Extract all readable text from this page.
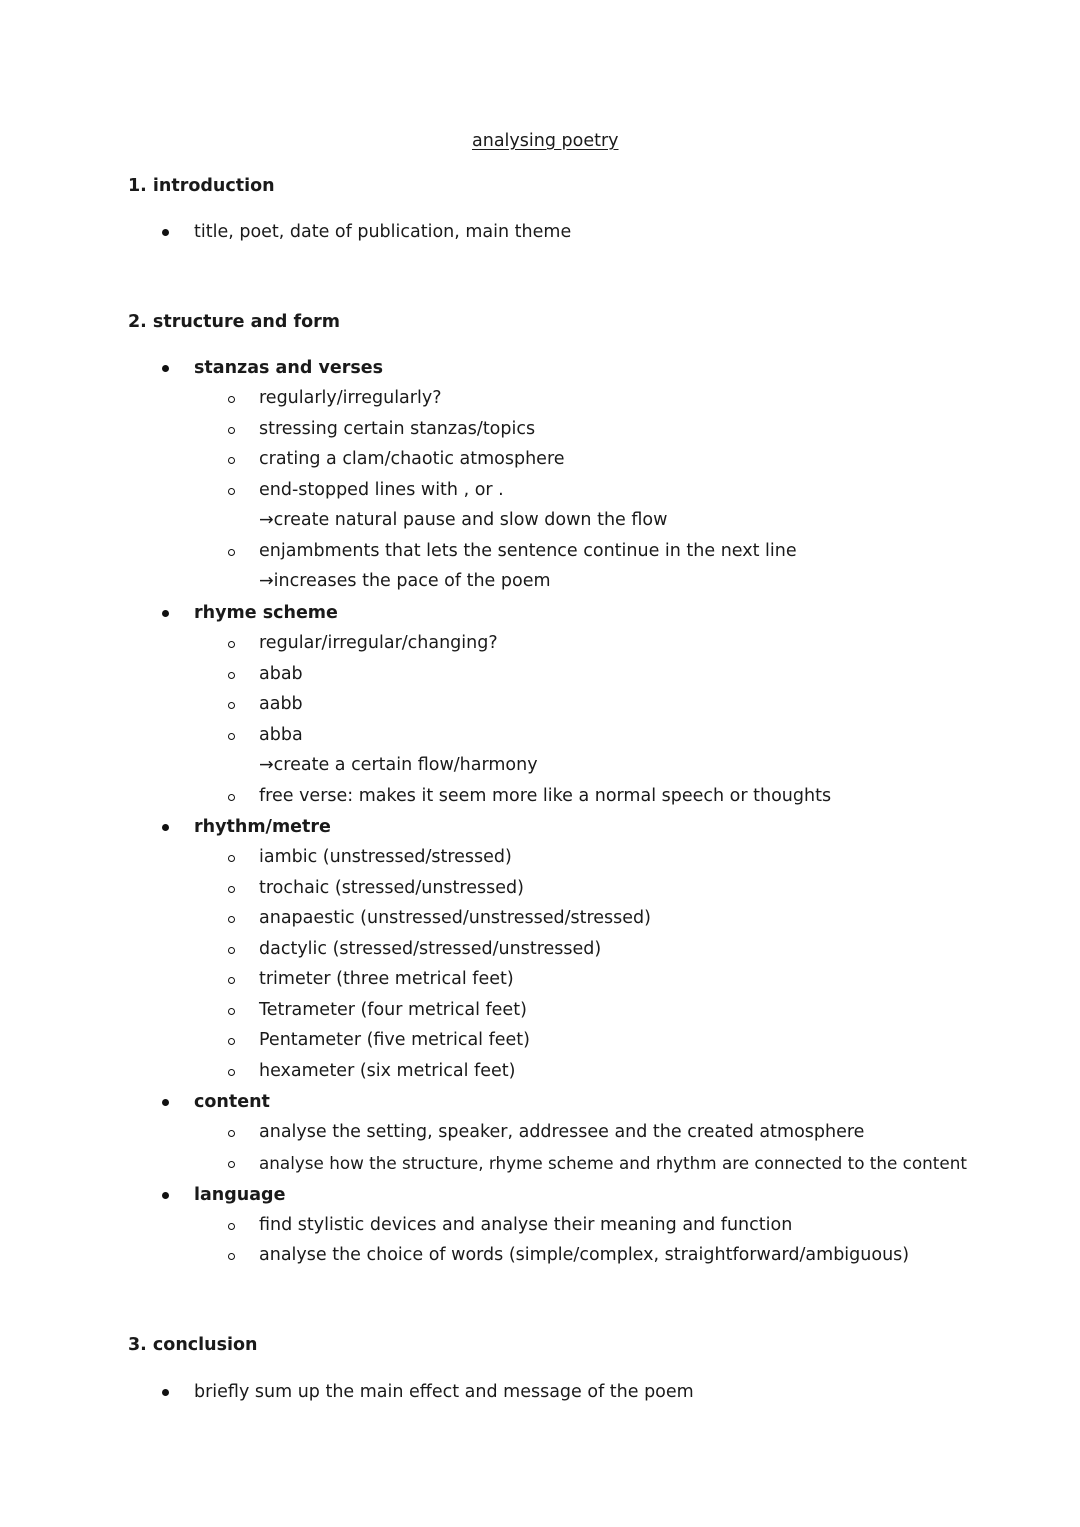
analysing poetry
1. introduction
title, poet, date of publication, main theme
2. structure and form
stanzas and verses
regularly/irregularly?
stressing certain stanzas/topics
crating a clam/chaotic atmosphere
end-stopped lines with , or .
→create natural pause and slow down the flow
enjambments that lets the sentence continue in the next line
→increases the pace of the poem
rhyme scheme
regular/irregular/changing?
abab
aabb
abba
→create a certain flow/harmony
free verse: makes it seem more like a normal speech or thoughts
rhythm/metre
iambic (unstressed/stressed)
trochaic (stressed/unstressed)
anapaestic (unstressed/unstressed/stressed)
dactylic (stressed/stressed/unstressed)
trimeter (three metrical feet)
Tetrameter (four metrical feet)
Pentameter (five metrical feet)
hexameter (six metrical feet)
content
analyse the setting, speaker, addressee and the created atmosphere
analyse how the structure, rhyme scheme and rhythm are connected to the content
language
find stylistic devices and analyse their meaning and function
analyse the choice of words (simple/complex, straightforward/ambiguous)
3. conclusion
briefly sum up the main effect and message of the poem
